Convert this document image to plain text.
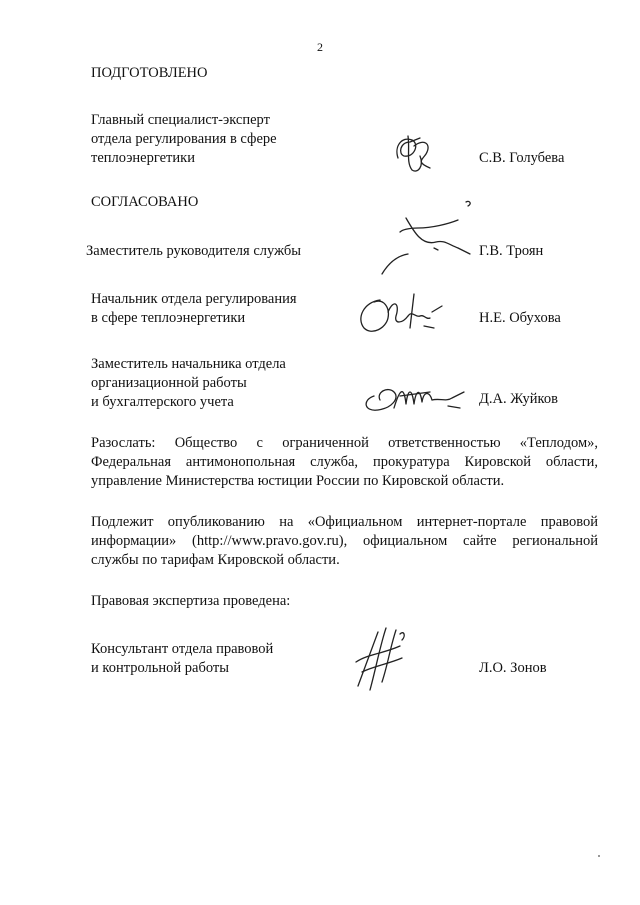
2
ПОДГОТОВЛЕНО
Главный специалист-эксперт
отдела регулирования в сфере
теплоэнергетики	С.В. Голубева
СОГЛАСОВАНО
Заместитель руководителя службы	Г.В. Троян
Начальник отдела регулирования
в сфере теплоэнергетики	Н.Е. Обухова
Заместитель начальника отдела
организационной работы
и бухгалтерского учета	Д.А. Жуйков
Разослать: Общество с ограниченной ответственностью «Теплодом»,
Федеральная антимонопольная служба, прокуратура Кировской области,
управление Министерства юстиции России по Кировской области.
Подлежит опубликованию на «Официальном интернет-портале правовой
информации» (http://www.pravo.gov.ru), официальном сайте региональной
службы по тарифам Кировской области.
Правовая экспертиза проведена:
Консультант отдела правовой
и контрольной работы	Л.О. Зонов
